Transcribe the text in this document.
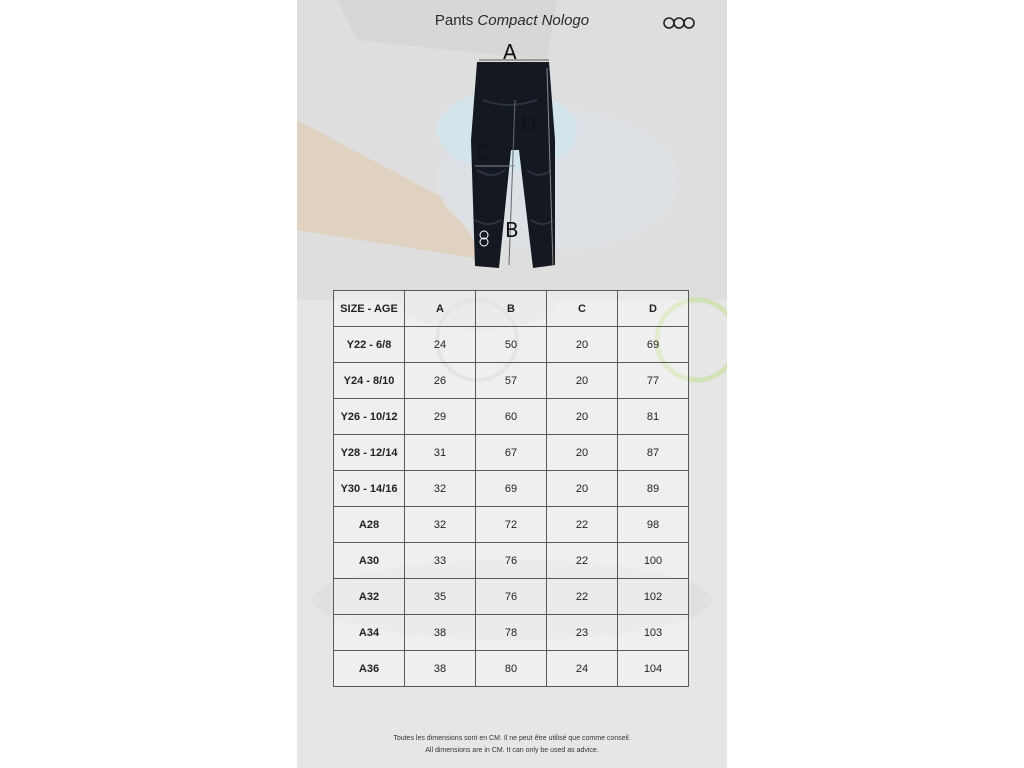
Pants Compact Nologo
A
B
C
D
SIZE - AGE	A	B	C	D
Y22 - 6/8	24	50	20	69
Y24 - 8/10	26	57	20	77
Y26 - 10/12	29	60	20	81
Y28 - 12/14	31	67	20	87
Y30 - 14/16	32	69	20	89
A28	32	72	22	98
A30	33	76	22	100
A32	35	76	22	102
A34	38	78	23	103
A36	38	80	24	104
Toutes les dimensions sont en CM. Il ne peut être utilisé que comme conseil.
All dimensions are in CM. It can only be used as advice.
